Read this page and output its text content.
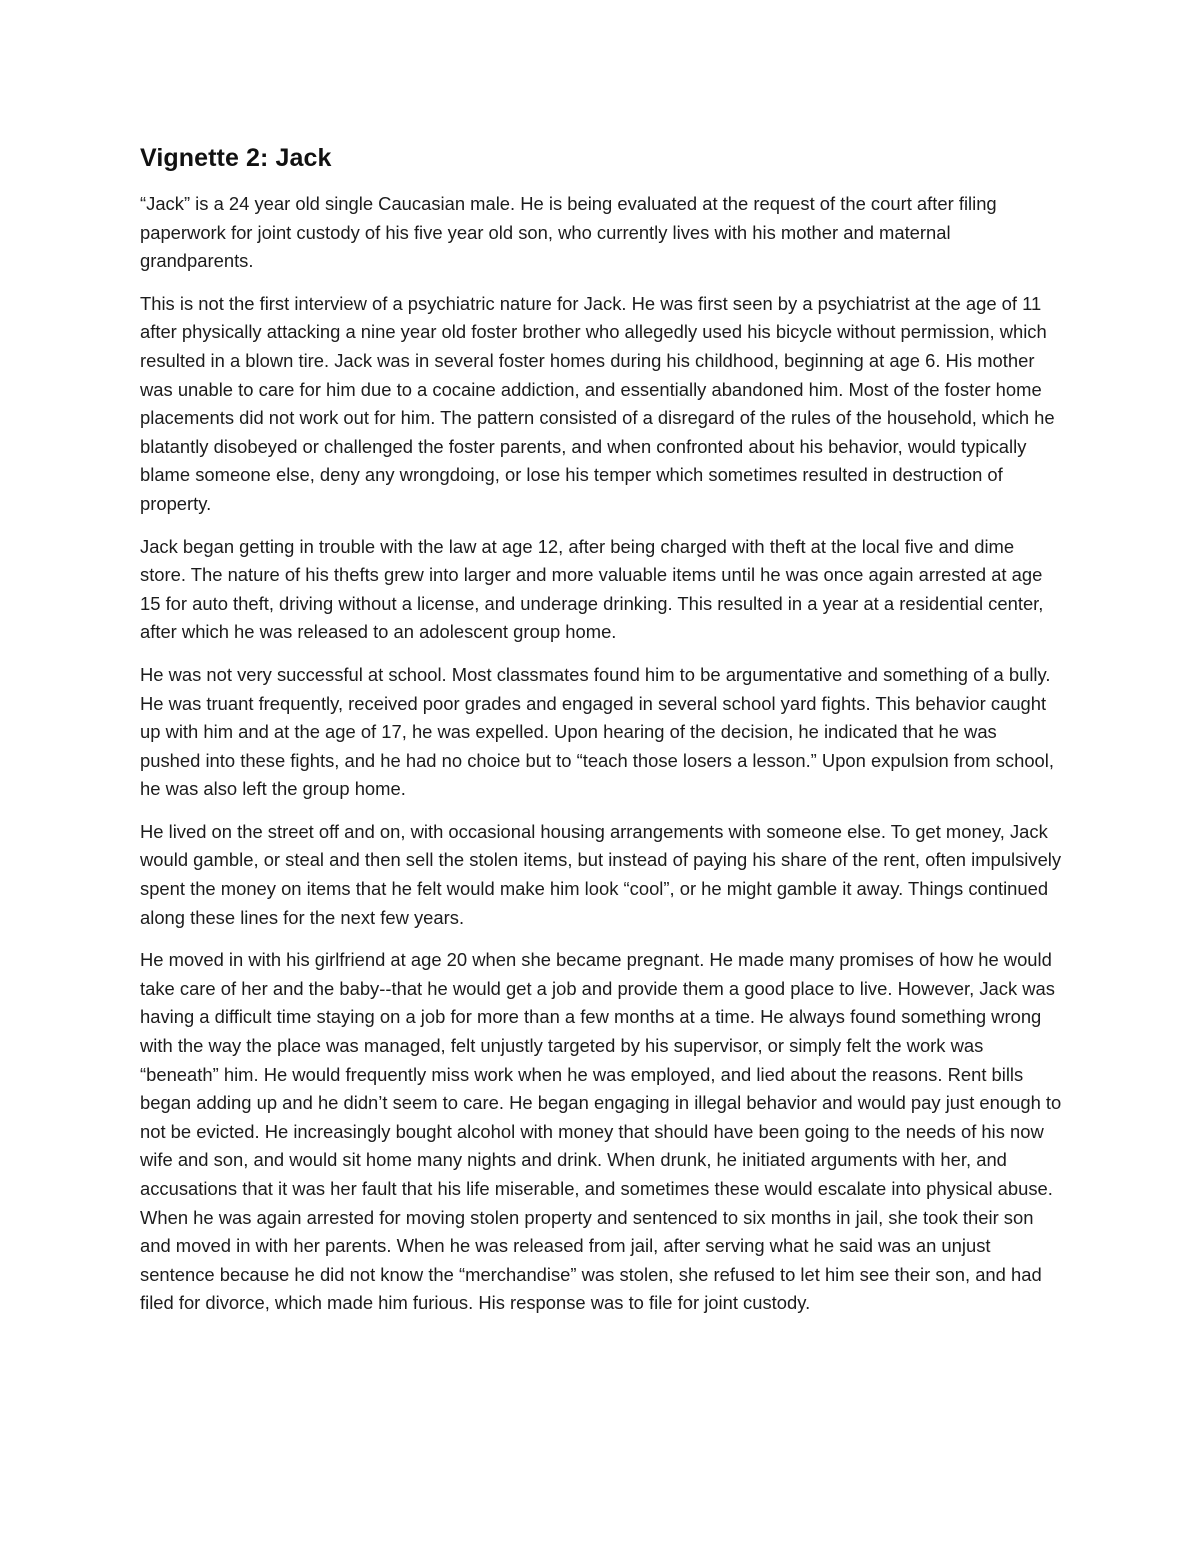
Vignette 2: Jack

“Jack” is a 24 year old single Caucasian male. He is being evaluated at the request of the court after filing paperwork for joint custody of his five year old son, who currently lives with his mother and maternal grandparents.

This is not the first interview of a psychiatric nature for Jack. He was first seen by a psychiatrist at the age of 11 after physically attacking a nine year old foster brother who allegedly used his bicycle without permission, which resulted in a blown tire. Jack was in several foster homes during his childhood, beginning at age 6. His mother was unable to care for him due to a cocaine addiction, and essentially abandoned him. Most of the foster home placements did not work out for him. The pattern consisted of a disregard of the rules of the household, which he blatantly disobeyed or challenged the foster parents, and when confronted about his behavior, would typically blame someone else, deny any wrongdoing, or lose his temper which sometimes resulted in destruction of property.

Jack began getting in trouble with the law at age 12, after being charged with theft at the local five and dime store. The nature of his thefts grew into larger and more valuable items until he was once again arrested at age 15 for auto theft, driving without a license, and underage drinking. This resulted in a year at a residential center, after which he was released to an adolescent group home.

He was not very successful at school. Most classmates found him to be argumentative and something of a bully. He was truant frequently, received poor grades and engaged in several school yard fights. This behavior caught up with him and at the age of 17, he was expelled. Upon hearing of the decision, he indicated that he was pushed into these fights, and he had no choice but to “teach those losers a lesson.” Upon expulsion from school, he was also left the group home.

He lived on the street off and on, with occasional housing arrangements with someone else. To get money, Jack would gamble, or steal and then sell the stolen items, but instead of paying his share of the rent, often impulsively spent the money on items that he felt would make him look “cool”, or he might gamble it away. Things continued along these lines for the next few years.

He moved in with his girlfriend at age 20 when she became pregnant. He made many promises of how he would take care of her and the baby--that he would get a job and provide them a good place to live. However, Jack was having a difficult time staying on a job for more than a few months at a time. He always found something wrong with the way the place was managed, felt unjustly targeted by his supervisor, or simply felt the work was “beneath” him. He would frequently miss work when he was employed, and lied about the reasons. Rent bills began adding up and he didn’t seem to care. He began engaging in illegal behavior and would pay just enough to not be evicted. He increasingly bought alcohol with money that should have been going to the needs of his now wife and son, and would sit home many nights and drink. When drunk, he initiated arguments with her, and accusations that it was her fault that his life miserable, and sometimes these would escalate into physical abuse. When he was again arrested for moving stolen property and sentenced to six months in jail, she took their son and moved in with her parents. When he was released from jail, after serving what he said was an unjust sentence because he did not know the “merchandise” was stolen, she refused to let him see their son, and had filed for divorce, which made him furious. His response was to file for joint custody.
